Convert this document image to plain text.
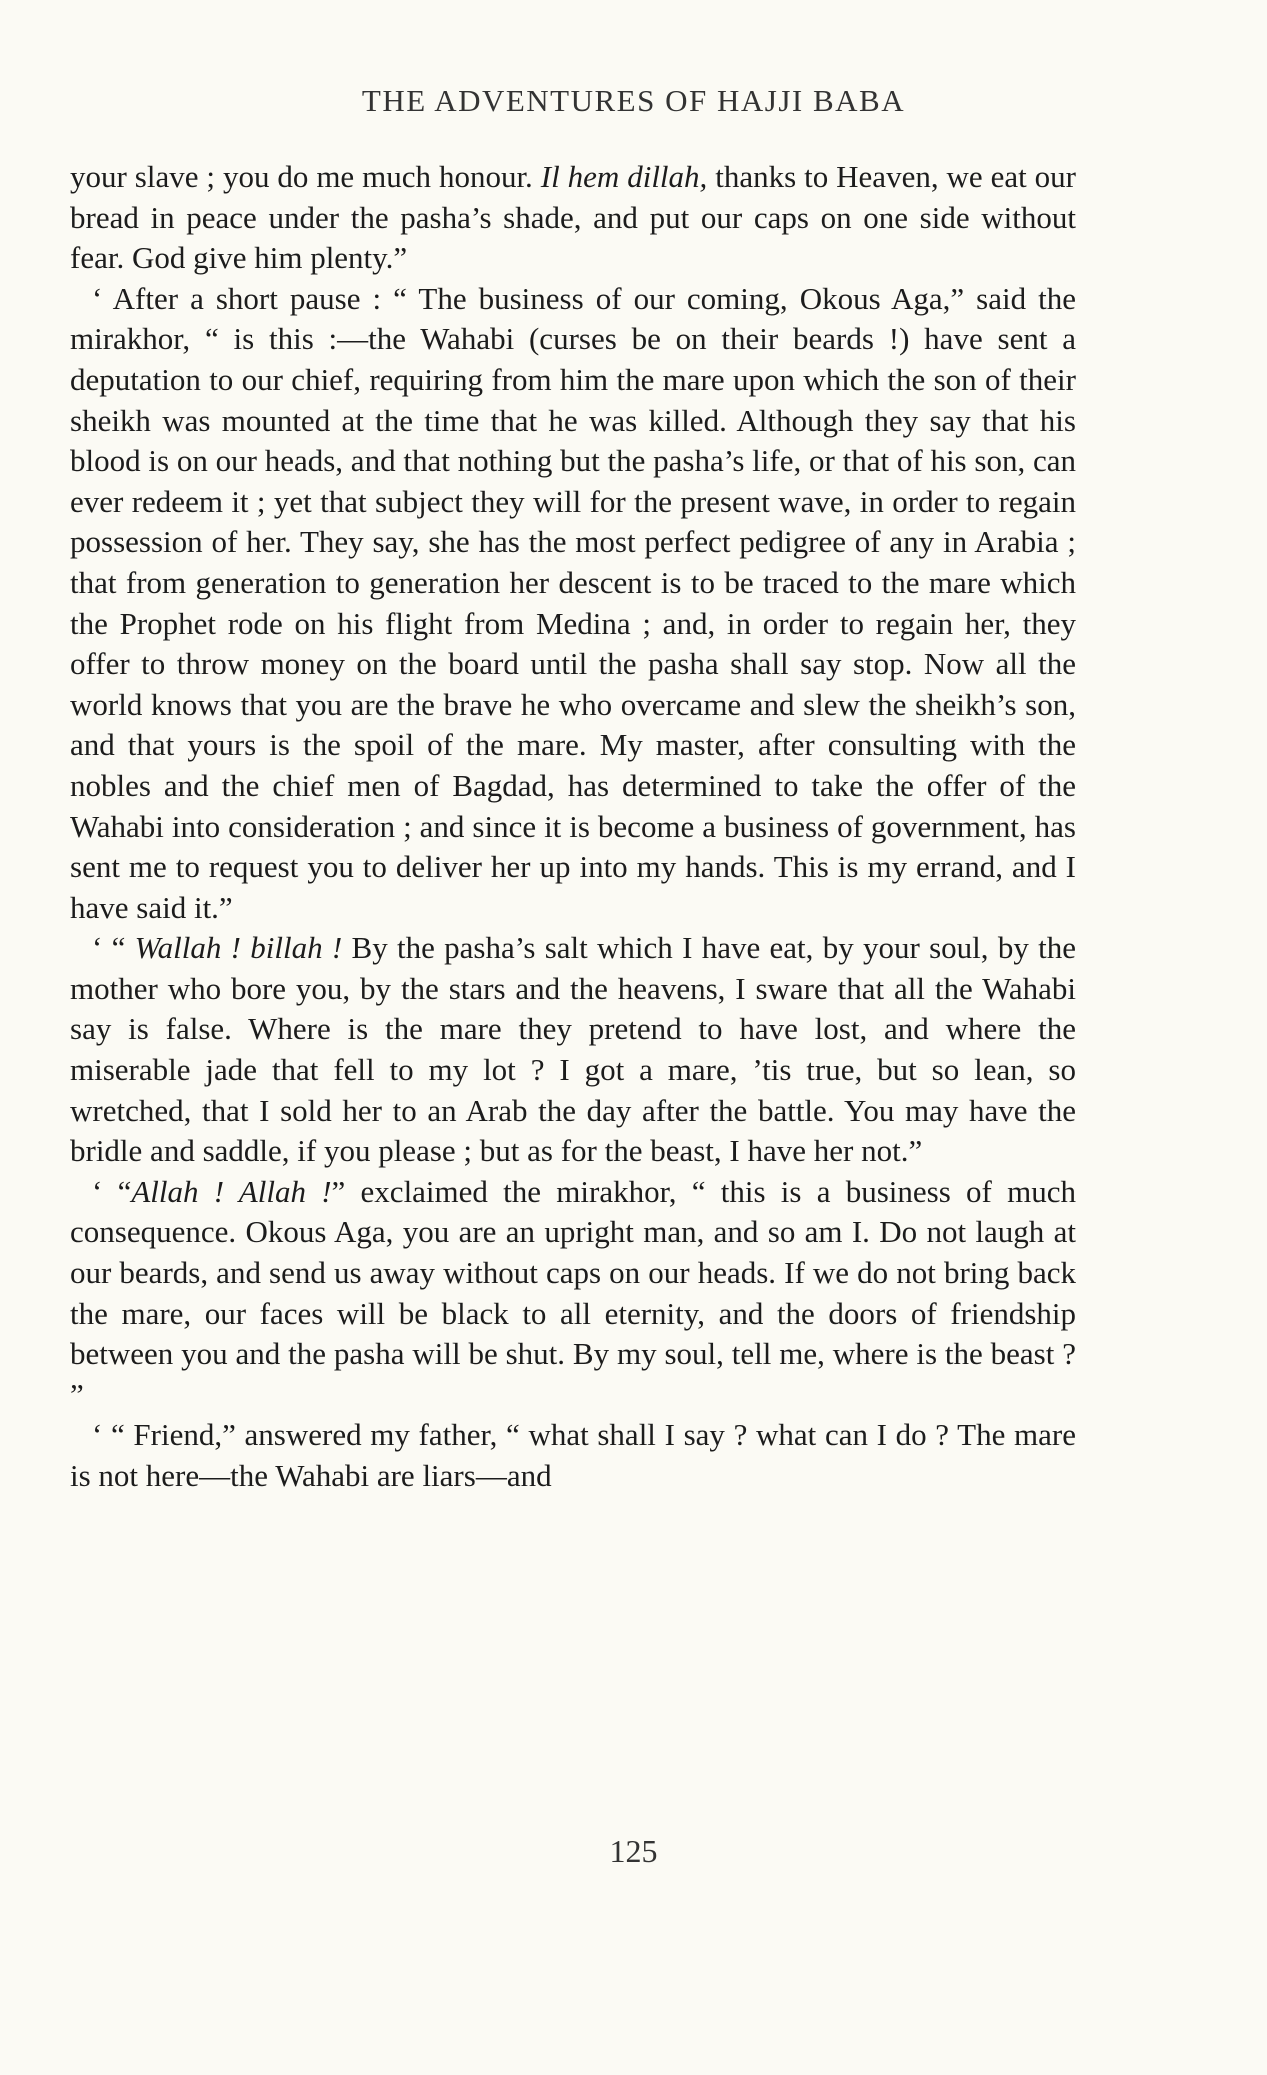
THE ADVENTURES OF HAJJI BABA

your slave ; you do me much honour. Il hem dillah, thanks to Heaven, we eat our bread in peace under the pasha’s shade, and put our caps on one side without fear. God give him plenty.”

‘ After a short pause : “ The business of our coming, Okous Aga,” said the mirakhor, “ is this :—the Wahabi (curses be on their beards !) have sent a deputation to our chief, requiring from him the mare upon which the son of their sheikh was mounted at the time that he was killed. Although they say that his blood is on our heads, and that nothing but the pasha’s life, or that of his son, can ever redeem it ; yet that subject they will for the present wave, in order to regain possession of her. They say, she has the most perfect pedigree of any in Arabia ; that from generation to generation her descent is to be traced to the mare which the Prophet rode on his flight from Medina ; and, in order to regain her, they offer to throw money on the board until the pasha shall say stop. Now all the world knows that you are the brave he who overcame and slew the sheikh’s son, and that yours is the spoil of the mare. My master, after consulting with the nobles and the chief men of Bagdad, has determined to take the offer of the Wahabi into consideration ; and since it is become a business of government, has sent me to request you to deliver her up into my hands. This is my errand, and I have said it.”

‘ “ Wallah ! billah ! By the pasha’s salt which I have eat, by your soul, by the mother who bore you, by the stars and the heavens, I sware that all the Wahabi say is false. Where is the mare they pretend to have lost, and where the miserable jade that fell to my lot ? I got a mare, ’tis true, but so lean, so wretched, that I sold her to an Arab the day after the battle. You may have the bridle and saddle, if you please ; but as for the beast, I have her not.”

‘ “Allah ! Allah !” exclaimed the mirakhor, “ this is a business of much consequence. Okous Aga, you are an upright man, and so am I. Do not laugh at our beards, and send us away without caps on our heads. If we do not bring back the mare, our faces will be black to all eternity, and the doors of friendship between you and the pasha will be shut. By my soul, tell me, where is the beast ? ”

‘ “ Friend,” answered my father, “ what shall I say ? what can I do ? The mare is not here—the Wahabi are liars—and

125
